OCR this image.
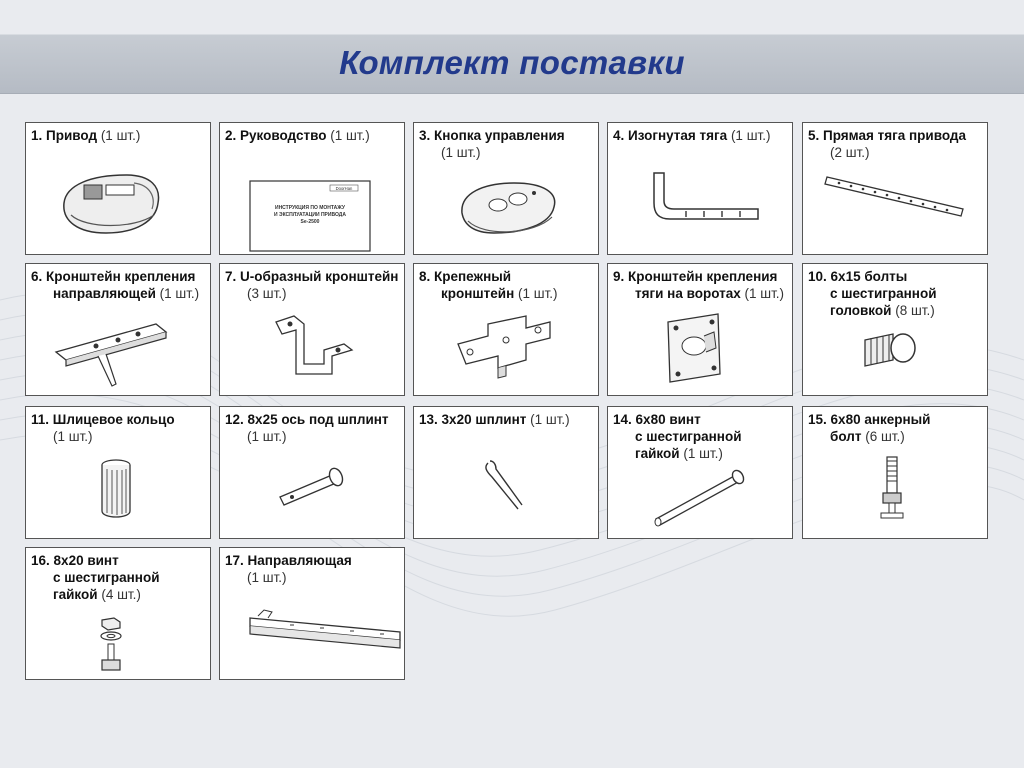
Комплект поставки
1. Привод (1 шт.)	2. Руководство (1 шт.)
DoorHan
ИНСТРУКЦИЯ ПО МОНТАЖУ
И ЭКСПЛУАТАЦИИ ПРИВОДА
Sе-2500
3. Кнопка управления
(1 шт.)
4. Изогнутая тяга (1 шт.)	5. Прямая тяга привода
(2 шт.)
6. Кронштейн крепления
направляющей (1 шт.)
7. U-образный кронштейн
(3 шт.)
8. Крепежный
кронштейн (1 шт.)
9. Кронштейн крепления
тяги на воротах (1 шт.)
10. 6x15 болты
с шестигранной
головкой (8 шт.)
11. Шлицевое кольцо
(1 шт.)
12. 8x25 ось под шплинт
(1 шт.)
13. 3x20 шплинт (1 шт.)	14. 6x80 винт
с шестигранной
гайкой (1 шт.)
15. 6x80 анкерный
болт (6 шт.)
16. 8x20 винт
с шестигранной
гайкой (4 шт.)
17. Направляющая
(1 шт.)
